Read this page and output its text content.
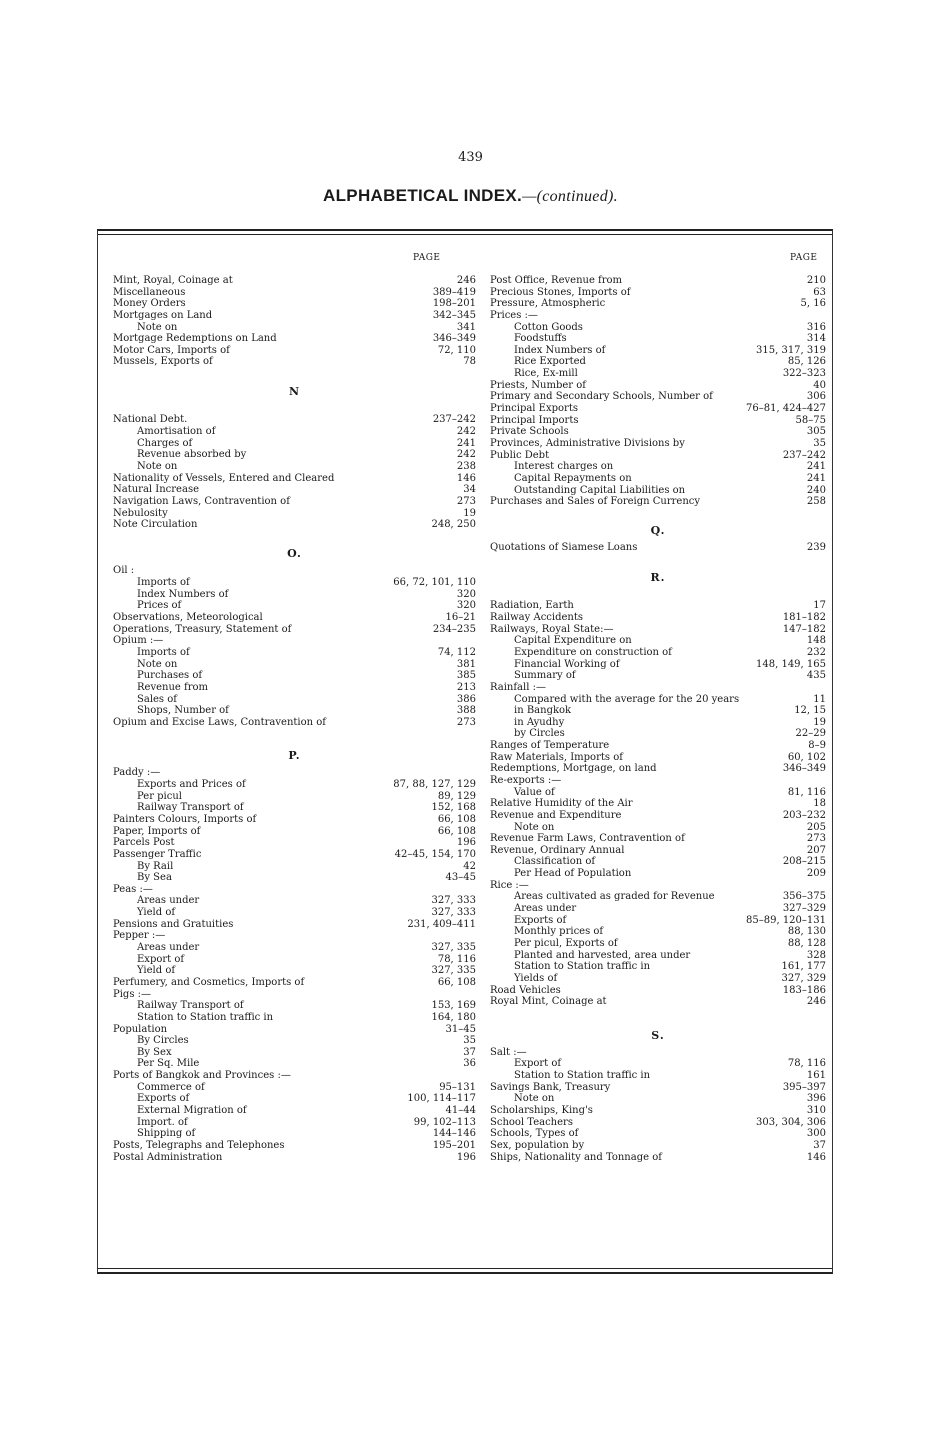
439
ALPHABETICAL INDEX.—(continued).
PAGE
Mint, Royal, Coinage at	246
Miscellaneous	389–419
Money Orders	198–201
Mortgages on Land	342–345
Note on	341
Mortgage Redemptions on Land	346–349
Motor Cars, Imports of	72, 110
Mussels, Exports of	78
N
National Debt.	237–242
Amortisation of	242
Charges of	241
Revenue absorbed by	242
Note on	238
Nationality of Vessels, Entered and Cleared	146
Natural Increase	34
Navigation Laws, Contravention of	273
Nebulosity	19
Note Circulation	248, 250
O.
Oil :
Imports of	66, 72, 101, 110
Index Numbers of	320
Prices of	320
Observations, Meteorological	16–21
Operations, Treasury, Statement of	234–235
Opium :—
Imports of	74, 112
Note on	381
Purchases of	385
Revenue from	213
Sales of	386
Shops, Number of	388
Opium and Excise Laws, Contravention of	273
P.
Paddy :—
Exports and Prices of	87, 88, 127, 129
Per picul	89, 129
Railway Transport of	152, 168
Painters Colours, Imports of	66, 108
Paper, Imports of	66, 108
Parcels Post	196
Passenger Traffic	42–45, 154, 170
By Rail	42
By Sea	43–45
Peas :—
Areas under	327, 333
Yield of	327, 333
Pensions and Gratuities	231, 409–411
Pepper :—
Areas under	327, 335
Export of	78, 116
Yield of	327, 335
Perfumery, and Cosmetics, Imports of	66, 108
Pigs :—
Railway Transport of	153, 169
Station to Station traffic in	164, 180
Population	31–45
By Circles	35
By Sex	37
Per Sq. Mile	36
Ports of Bangkok and Provinces :—
Commerce of	95–131
Exports of	100, 114–117
External Migration of	41–44
Import. of	99, 102–113
Shipping of	144–146
Posts, Telegraphs and Telephones	195–201
Postal Administration	196
PAGE
Post Office, Revenue from	210
Precious Stones, Imports of	63
Pressure, Atmospheric	5, 16
Prices :—
Cotton Goods	316
Foodstuffs	314
Index Numbers of	315, 317, 319
Rice Exported	85, 126
Rice, Ex-mill	322–323
Priests, Number of	40
Primary and Secondary Schools, Number of	306
Principal Exports	76–81, 424–427
Principal Imports	58–75
Private Schools	305
Provinces, Administrative Divisions by	35
Public Debt	237–242
Interest charges on	241
Capital Repayments on	241
Outstanding Capital Liabilities on	240
Purchases and Sales of Foreign Currency	258
Q.
Quotations of Siamese Loans	239
R.
Radiation, Earth	17
Railway Accidents	181–182
Railways, Royal State:—	147–182
Capital Expenditure on	148
Expenditure on construction of	232
Financial Working of	148, 149, 165
Summary of	435
Rainfall :—
Compared with the average for the 20 years	11
in Bangkok	12, 15
in Ayudhy	19
by Circles	22–29
Ranges of Temperature	8–9
Raw Materials, Imports of	60, 102
Redemptions, Mortgage, on land	346–349
Re-exports :—
Value of	81, 116
Relative Humidity of the Air	18
Revenue and Expenditure	203–232
Note on	205
Revenue Farm Laws, Contravention of	273
Revenue, Ordinary Annual	207
Classification of	208–215
Per Head of Population	209
Rice :—
Areas cultivated as graded for Revenue	356–375
Areas under	327–329
Exports of	85–89, 120–131
Monthly prices of	88, 130
Per picul, Exports of	88, 128
Planted and harvested, area under	328
Station to Station traffic in	161, 177
Yields of	327, 329
Road Vehicles	183–186
Royal Mint, Coinage at	246
S.
Salt :—
Export of	78, 116
Station to Station traffic in	161
Savings Bank, Treasury	395–397
Note on	396
Scholarships, King's	310
School Teachers	303, 304, 306
Schools, Types of	300
Sex, population by	37
Ships, Nationality and Tonnage of	146
